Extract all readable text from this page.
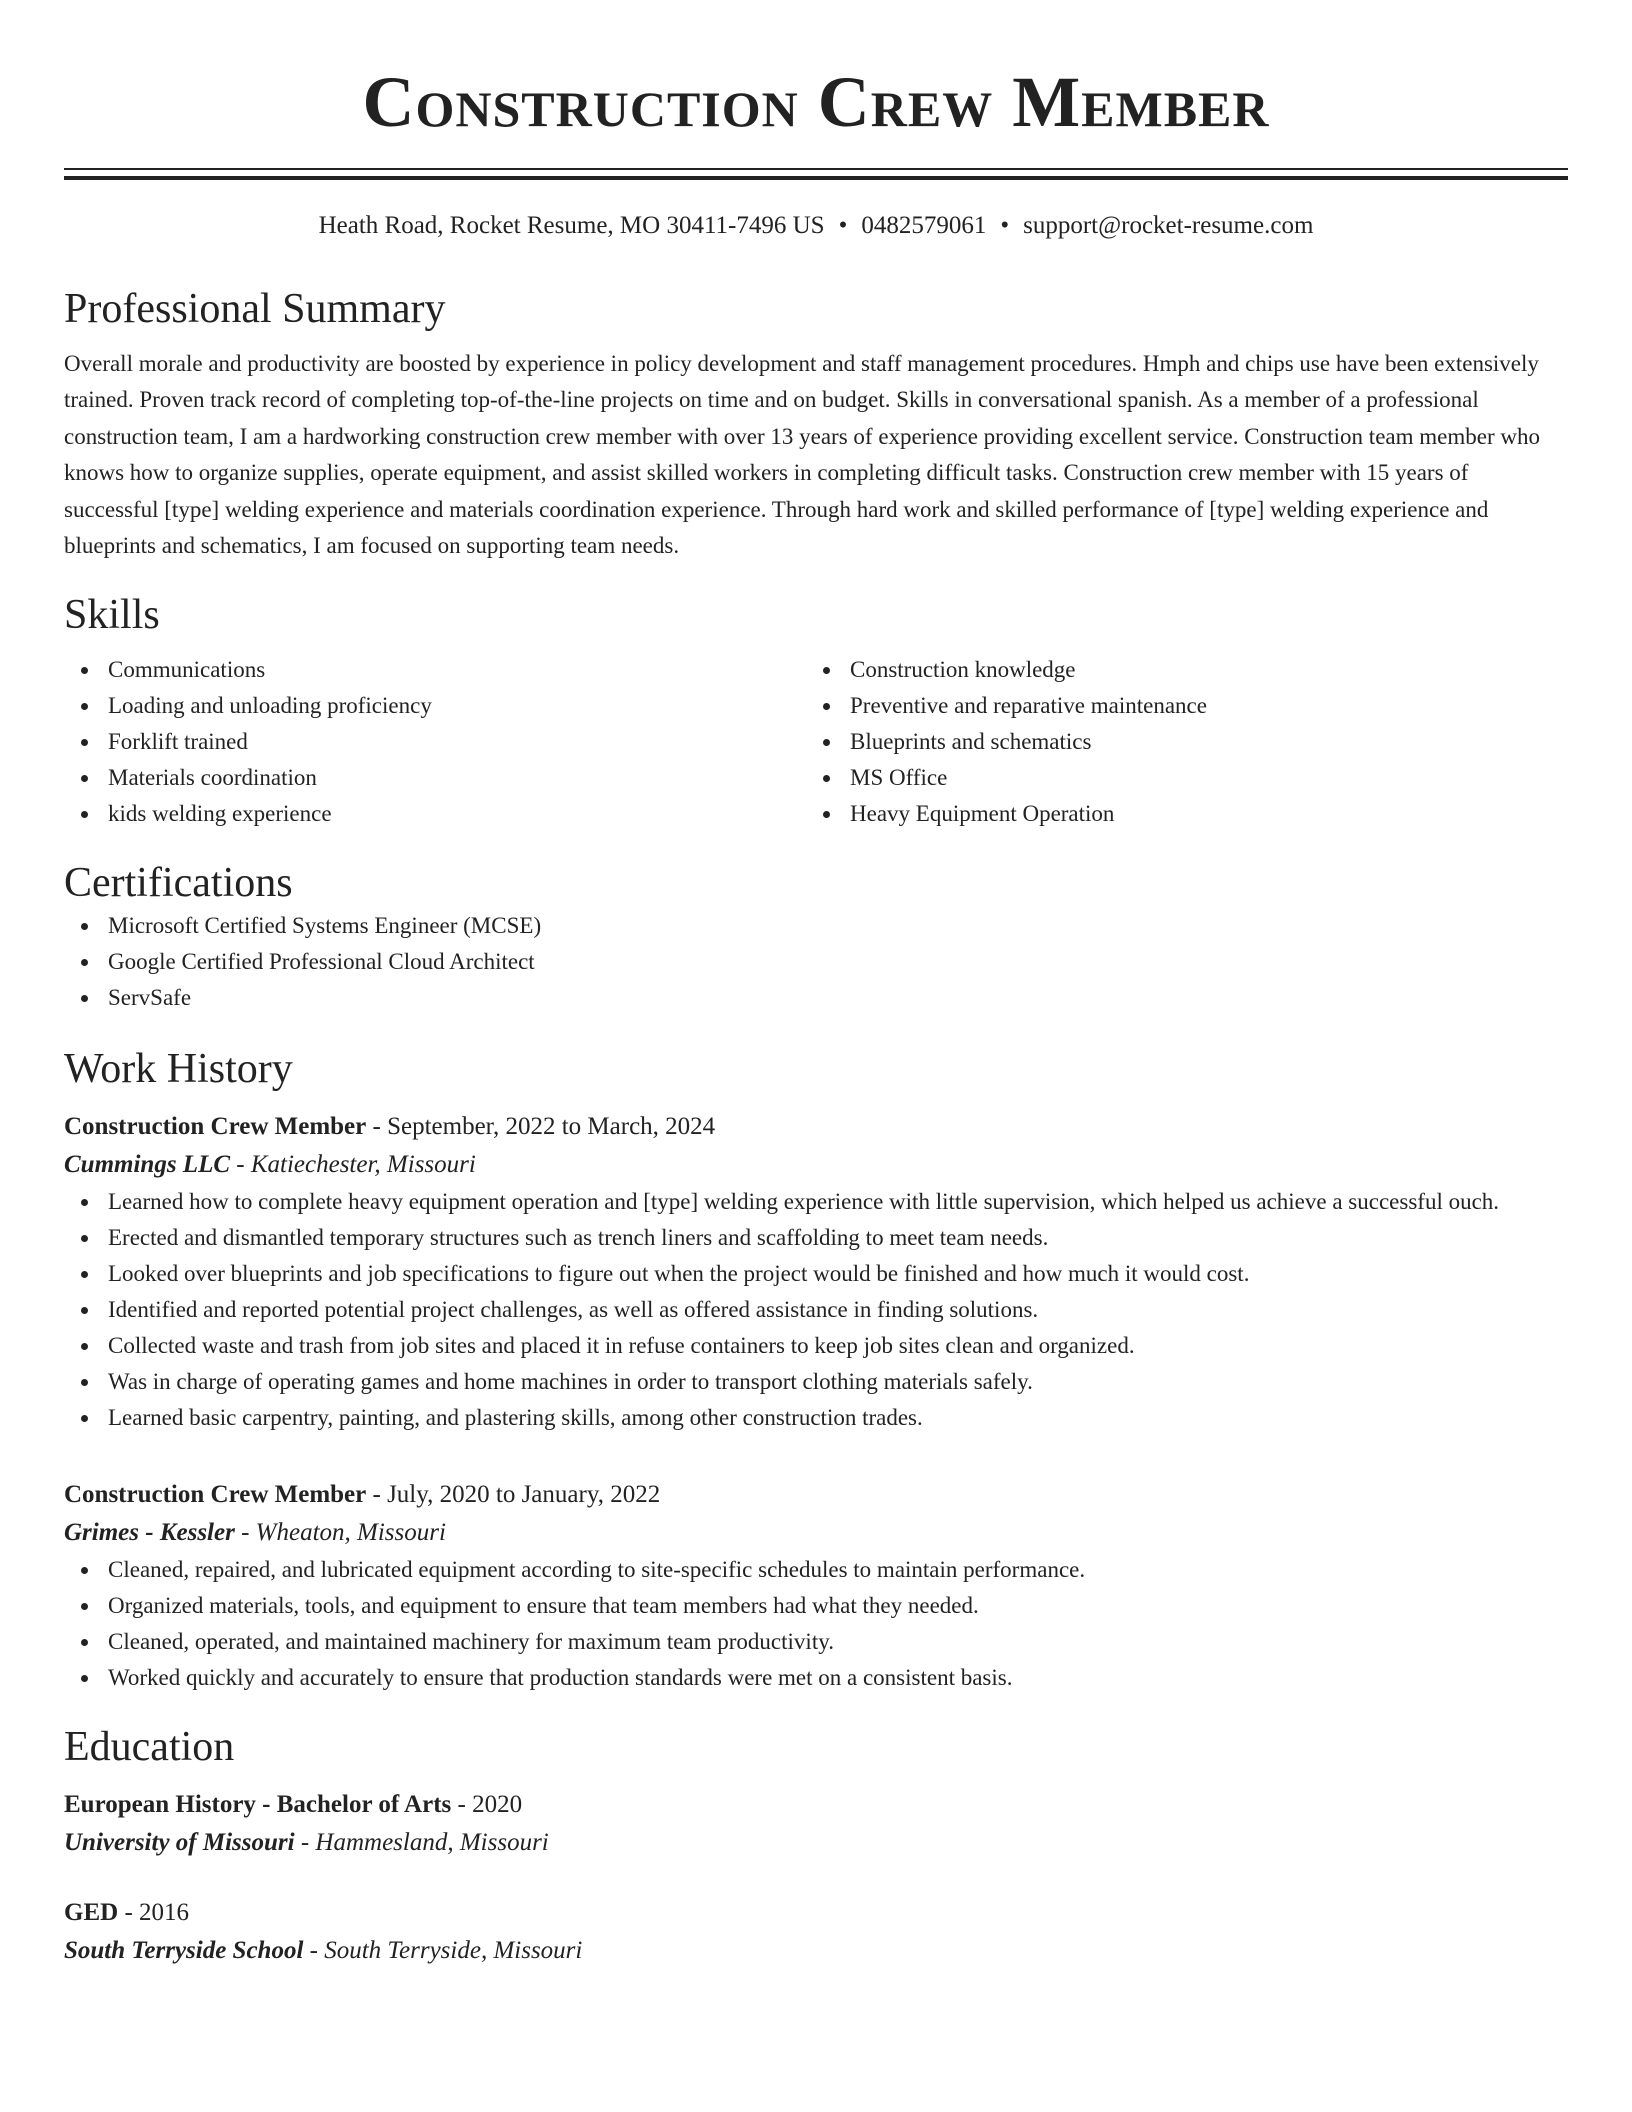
Construction Crew Member
Heath Road, Rocket Resume, MO 30411-7496 US • 0482579061 • support@rocket-resume.com
Professional Summary
Overall morale and productivity are boosted by experience in policy development and staff management procedures. Hmph and chips use have been extensively trained. Proven track record of completing top-of-the-line projects on time and on budget. Skills in conversational spanish. As a member of a professional construction team, I am a hardworking construction crew member with over 13 years of experience providing excellent service. Construction team member who knows how to organize supplies, operate equipment, and assist skilled workers in completing difficult tasks. Construction crew member with 15 years of successful [type] welding experience and materials coordination experience. Through hard work and skilled performance of [type] welding experience and blueprints and schematics, I am focused on supporting team needs.
Skills
Communications
Loading and unloading proficiency
Forklift trained
Materials coordination
kids welding experience
Construction knowledge
Preventive and reparative maintenance
Blueprints and schematics
MS Office
Heavy Equipment Operation
Certifications
Microsoft Certified Systems Engineer (MCSE)
Google Certified Professional Cloud Architect
ServSafe
Work History
Construction Crew Member - September, 2022 to March, 2024
Cummings LLC - Katiechester, Missouri
Learned how to complete heavy equipment operation and [type] welding experience with little supervision, which helped us achieve a successful ouch.
Erected and dismantled temporary structures such as trench liners and scaffolding to meet team needs.
Looked over blueprints and job specifications to figure out when the project would be finished and how much it would cost.
Identified and reported potential project challenges, as well as offered assistance in finding solutions.
Collected waste and trash from job sites and placed it in refuse containers to keep job sites clean and organized.
Was in charge of operating games and home machines in order to transport clothing materials safely.
Learned basic carpentry, painting, and plastering skills, among other construction trades.
Construction Crew Member - July, 2020 to January, 2022
Grimes - Kessler - Wheaton, Missouri
Cleaned, repaired, and lubricated equipment according to site-specific schedules to maintain performance.
Organized materials, tools, and equipment to ensure that team members had what they needed.
Cleaned, operated, and maintained machinery for maximum team productivity.
Worked quickly and accurately to ensure that production standards were met on a consistent basis.
Education
European History - Bachelor of Arts - 2020
University of Missouri - Hammesland, Missouri
GED - 2016
South Terryside School - South Terryside, Missouri
